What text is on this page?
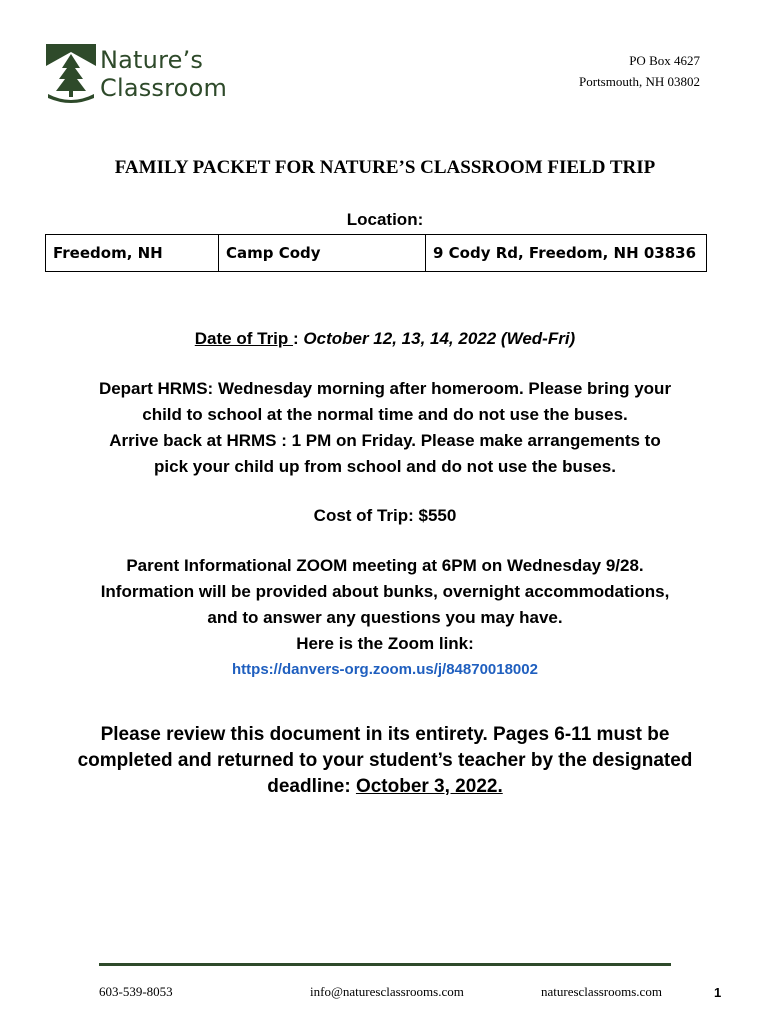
Nature’s
Classroom
PO Box 4627
Portsmouth, NH 03802
FAMILY PACKET FOR NATURE’S CLASSROOM FIELD TRIP
Location:
Freedom, NH	Camp Cody	9 Cody Rd, Freedom, NH 03836
Date of Trip : October 12, 13, 14, 2022 (Wed-Fri)
Depart HRMS: Wednesday morning after homeroom. Please bring your
child to school at the normal time and do not use the buses.
Arrive back at HRMS : 1 PM on Friday. Please make arrangements to
pick your child up from school and do not use the buses.
Cost of Trip: $550
Parent Informational ZOOM meeting at 6PM on Wednesday 9/28.
Information will be provided about bunks, overnight accommodations,
and to answer any questions you may have.
Here is the Zoom link:
https://danvers-org.zoom.us/j/84870018002
Please review this document in its entirety. Pages 6-11 must be
completed and returned to your student’s teacher by the designated
deadline: October 3, 2022.
603-539-8053	info@naturesclassrooms.com	naturesclassrooms.com	1
